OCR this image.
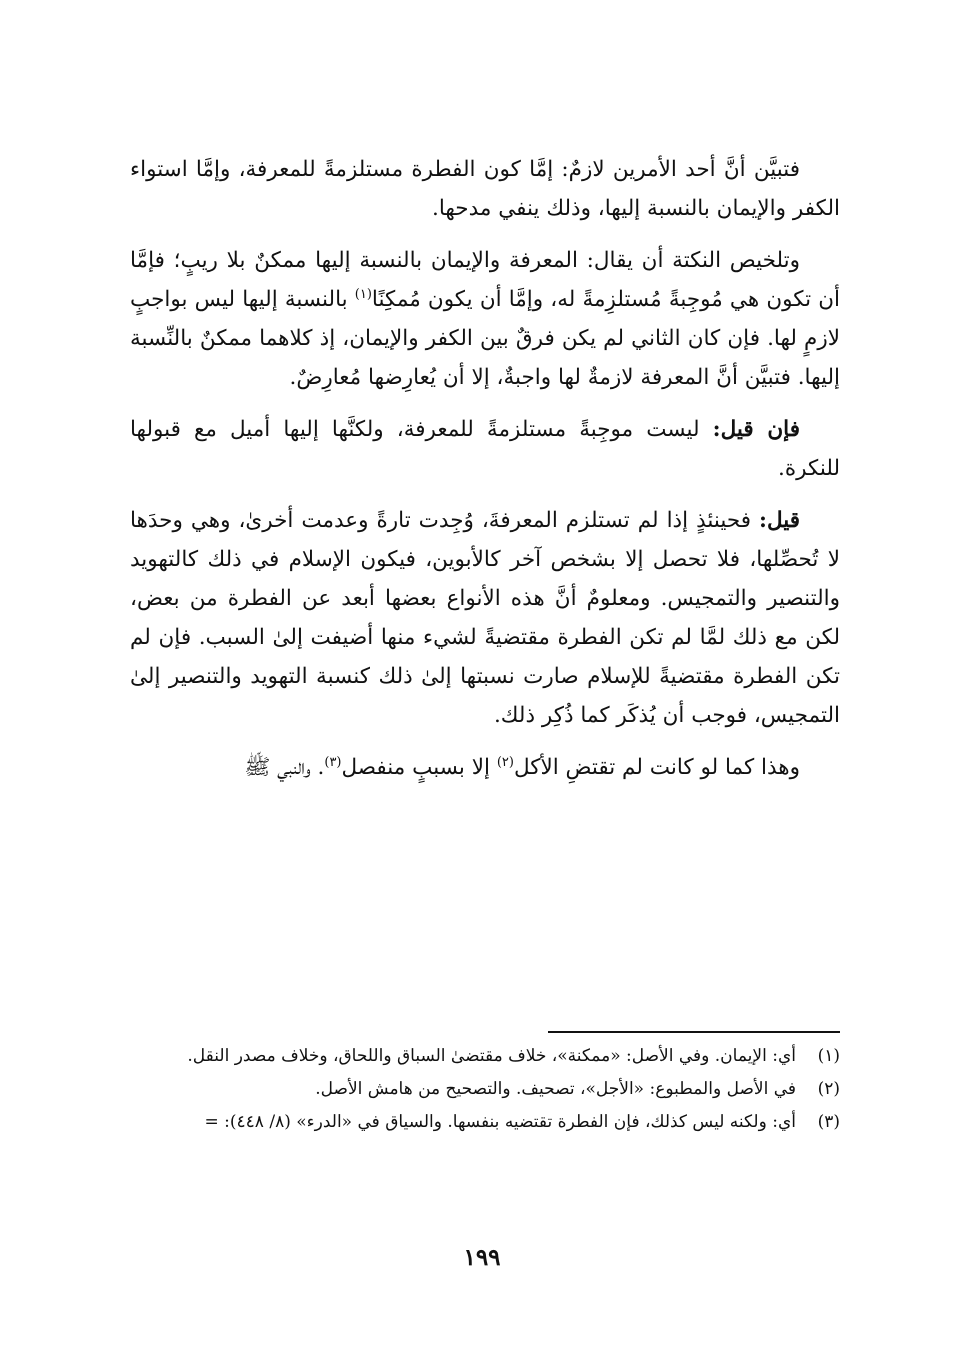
فتبيَّن أنَّ أحد الأمرين لازمٌ: إمَّا كون الفطرة مستلزمةً للمعرفة، وإمَّا استواء الكفر والإيمان بالنسبة إليها، وذلك ينفي مدحها.

وتلخيص النكتة أن يقال: المعرفة والإيمان بالنسبة إليها ممكنٌ بلا ريبٍ؛ فإمَّا أن تكون هي مُوجِبةً مُستلزِمةً له، وإمَّا أن يكون مُمكِنًا$^{(١)}$ بالنسبة إليها ليس بواجبٍ لازمٍ لها. فإن كان الثاني لم يكن فرقٌ بين الكفر والإيمان، إذ كلاهما ممكنٌ بالنِّسبة إليها. فتبيَّن أنَّ المعرفة لازمةٌ لها واجبةٌ، إلا أن يُعارِضها مُعارِضٌ.

فإن قيل: ليست موجِبةً مستلزمةً للمعرفة، ولكنَّها إليها أميل مع قبولها للنكرة.

قيل: فحينئذٍ إذا لم تستلزم المعرفةَ، وُجِدت تارةً وعدمت أخرىٰ، وهي وحدَها لا تُحصِّلها، فلا تحصل إلا بشخص آخر كالأبوين، فيكون الإسلام في ذلك كالتهويد والتنصير والتمجيس. ومعلومٌ أنَّ هذه الأنواع بعضها أبعد عن الفطرة من بعض، لكن مع ذلك لمَّا لم تكن الفطرة مقتضيةً لشيء منها أضيفت إلىٰ السبب. فإن لم تكن الفطرة مقتضيةً للإسلام صارت نسبتها إلىٰ ذلك كنسبة التهويد والتنصير إلىٰ التمجيس، فوجب أن يُذكَر كما ذُكِر ذلك.

وهذا كما لو كانت لم تقتضِ الأكل$^{(٢)}$ إلا بسببٍ منفصل$^{(٣)}$. والنبي ﷺ

(١)
أي: الإيمان. وفي الأصل: «ممكنة»، خلاف مقتضىٰ السباق واللحاق، وخلاف مصدر النقل.

(٢)
في الأصل والمطبوع: «الأجل»، تصحيف. والتصحيح من هامش الأصل.

(٣)
أي: ولكنه ليس كذلك، فإن الفطرة تقتضيه بنفسها. والسياق في «الدرء» (٨/ ٤٤٨): =

١٩٩
